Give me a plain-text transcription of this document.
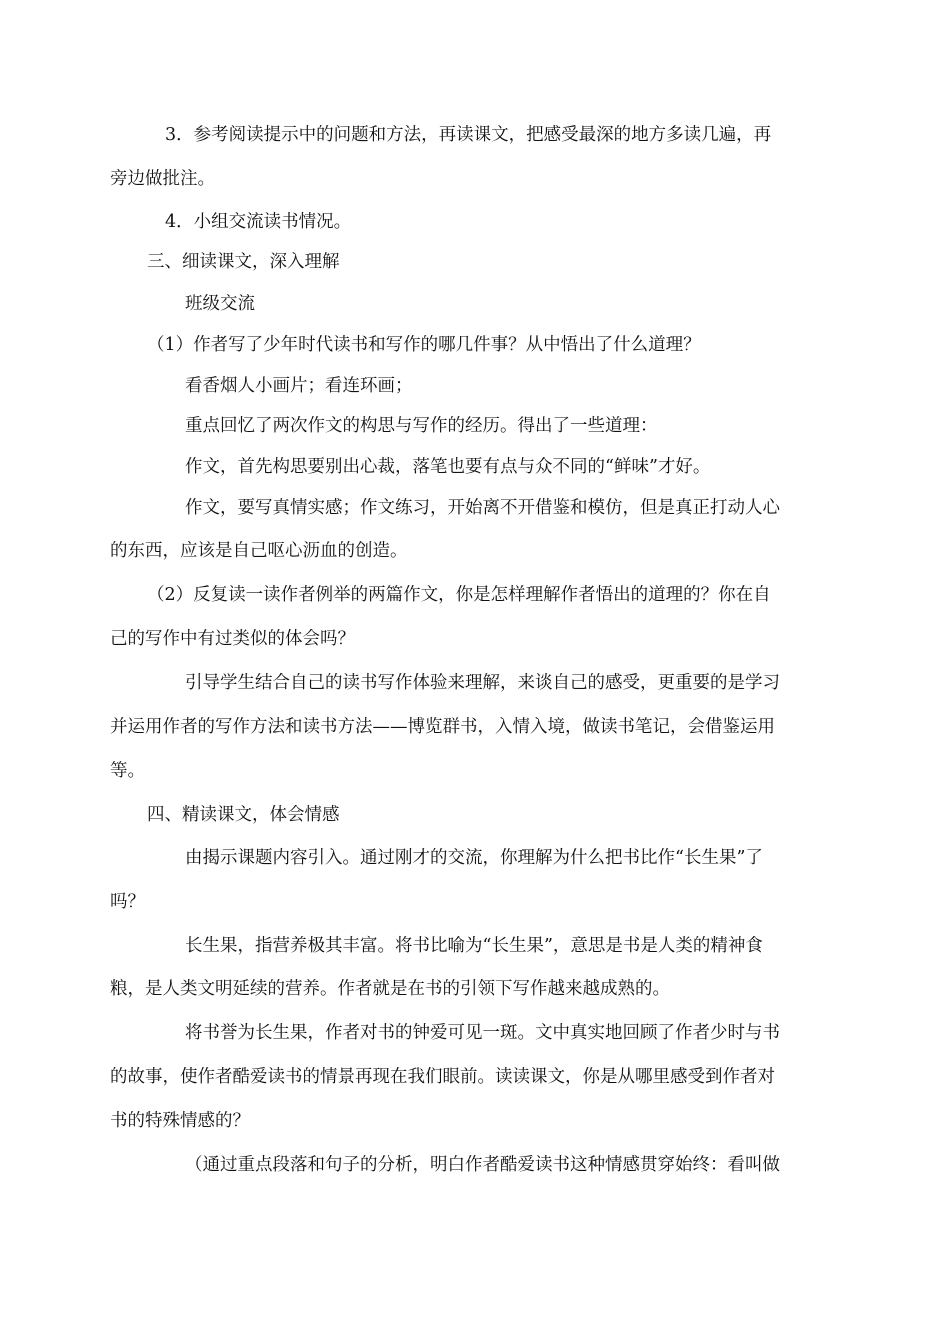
3．参考阅读提示中的问题和方法，再读课文，把感受最深的地方多读几遍，再
旁边做批注。
4．小组交流读书情况。
三、细读课文，深入理解
班级交流
（1）作者写了少年时代读书和写作的哪几件事？从中悟出了什么道理？
看香烟人小画片；看连环画；
重点回忆了两次作文的构思与写作的经历。得出了一些道理：
作文，首先构思要别出心裁，落笔也要有点与众不同的“鲜味”才好。
作文，要写真情实感；作文练习，开始离不开借鉴和模仿，但是真正打动人心
的东西，应该是自己呕心沥血的创造。
（2）反复读一读作者例举的两篇作文，你是怎样理解作者悟出的道理的？你在自
己的写作中有过类似的体会吗？
引导学生结合自己的读书写作体验来理解，来谈自己的感受，更重要的是学习
并运用作者的写作方法和读书方法——博览群书，入情入境，做读书笔记，会借鉴运用
等。
四、精读课文，体会情感
由揭示课题内容引入。通过刚才的交流，你理解为什么把书比作“长生果”了
吗？
长生果，指营养极其丰富。将书比喻为“长生果”，意思是书是人类的精神食
粮，是人类文明延续的营养。作者就是在书的引领下写作越来越成熟的。
将书誉为长生果，作者对书的钟爱可见一斑。文中真实地回顾了作者少时与书
的故事，使作者酷爱读书的情景再现在我们眼前。读读课文，你是从哪里感受到作者对
书的特殊情感的？
（通过重点段落和句子的分析，明白作者酷爱读书这种情感贯穿始终：看叫做
